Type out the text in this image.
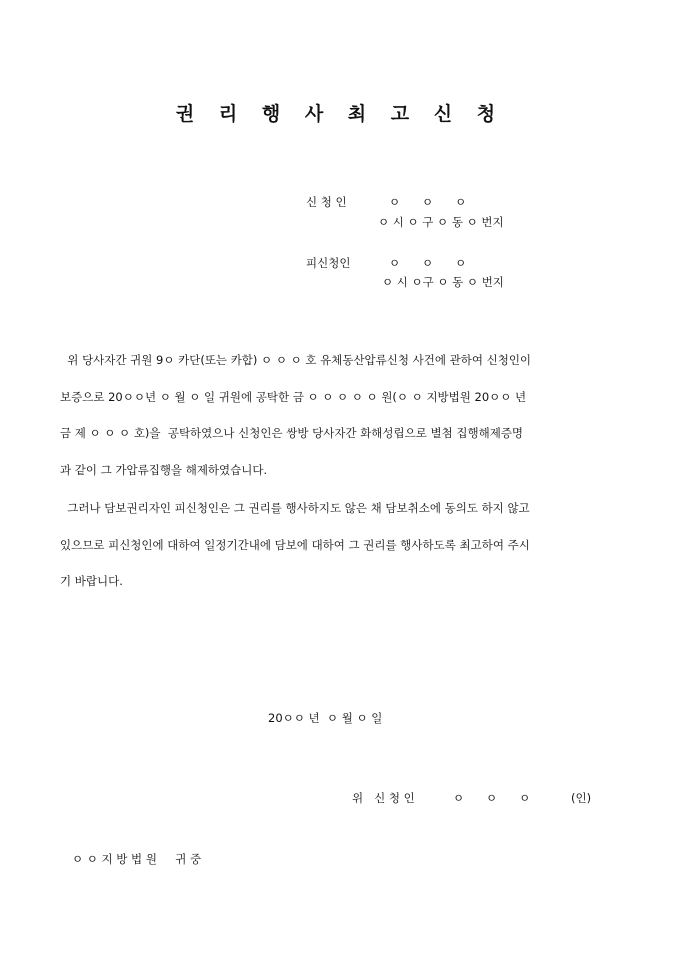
권 리 행 사 최 고 신 청
신 청 인	ㅇ      ㅇ      ㅇ
ㅇ 시 ㅇ 구 ㅇ 동 ㅇ 번지
피신청인	ㅇ      ㅇ      ㅇ
ㅇ 시 ㅇ구 ㅇ 동 ㅇ 번지
위 당사자간 귀원 9ㅇ 카단(또는 카합) ㅇ ㅇ ㅇ 호 유체동산압류신청 사건에 관하여 신청인이
보증으로 20ㅇㅇ년 ㅇ 월 ㅇ 일 귀원에 공탁한 금 ㅇ ㅇ ㅇ ㅇ ㅇ 원(ㅇ ㅇ 지방법원 20ㅇㅇ 년
금 제 ㅇ ㅇ ㅇ 호)을  공탁하였으나 신청인은 쌍방 당사자간 화해성립으로 별첨 집행해제증명
과 같이 그 가압류집행을 해제하였습니다.
그러나 담보권리자인 피신청인은 그 권리를 행사하지도 않은 채 담보취소에 동의도 하지 않고
있으므로 피신청인에 대하여 일정기간내에 담보에 대하여 그 권리를 행사하도록 최고하여 주시
기 바랍니다.
20ㅇㅇ 년  ㅇ 월 ㅇ 일
위   신 청 인	ㅇ      ㅇ      ㅇ	(인)
ㅇ ㅇ 지 방 법 원     귀 중
